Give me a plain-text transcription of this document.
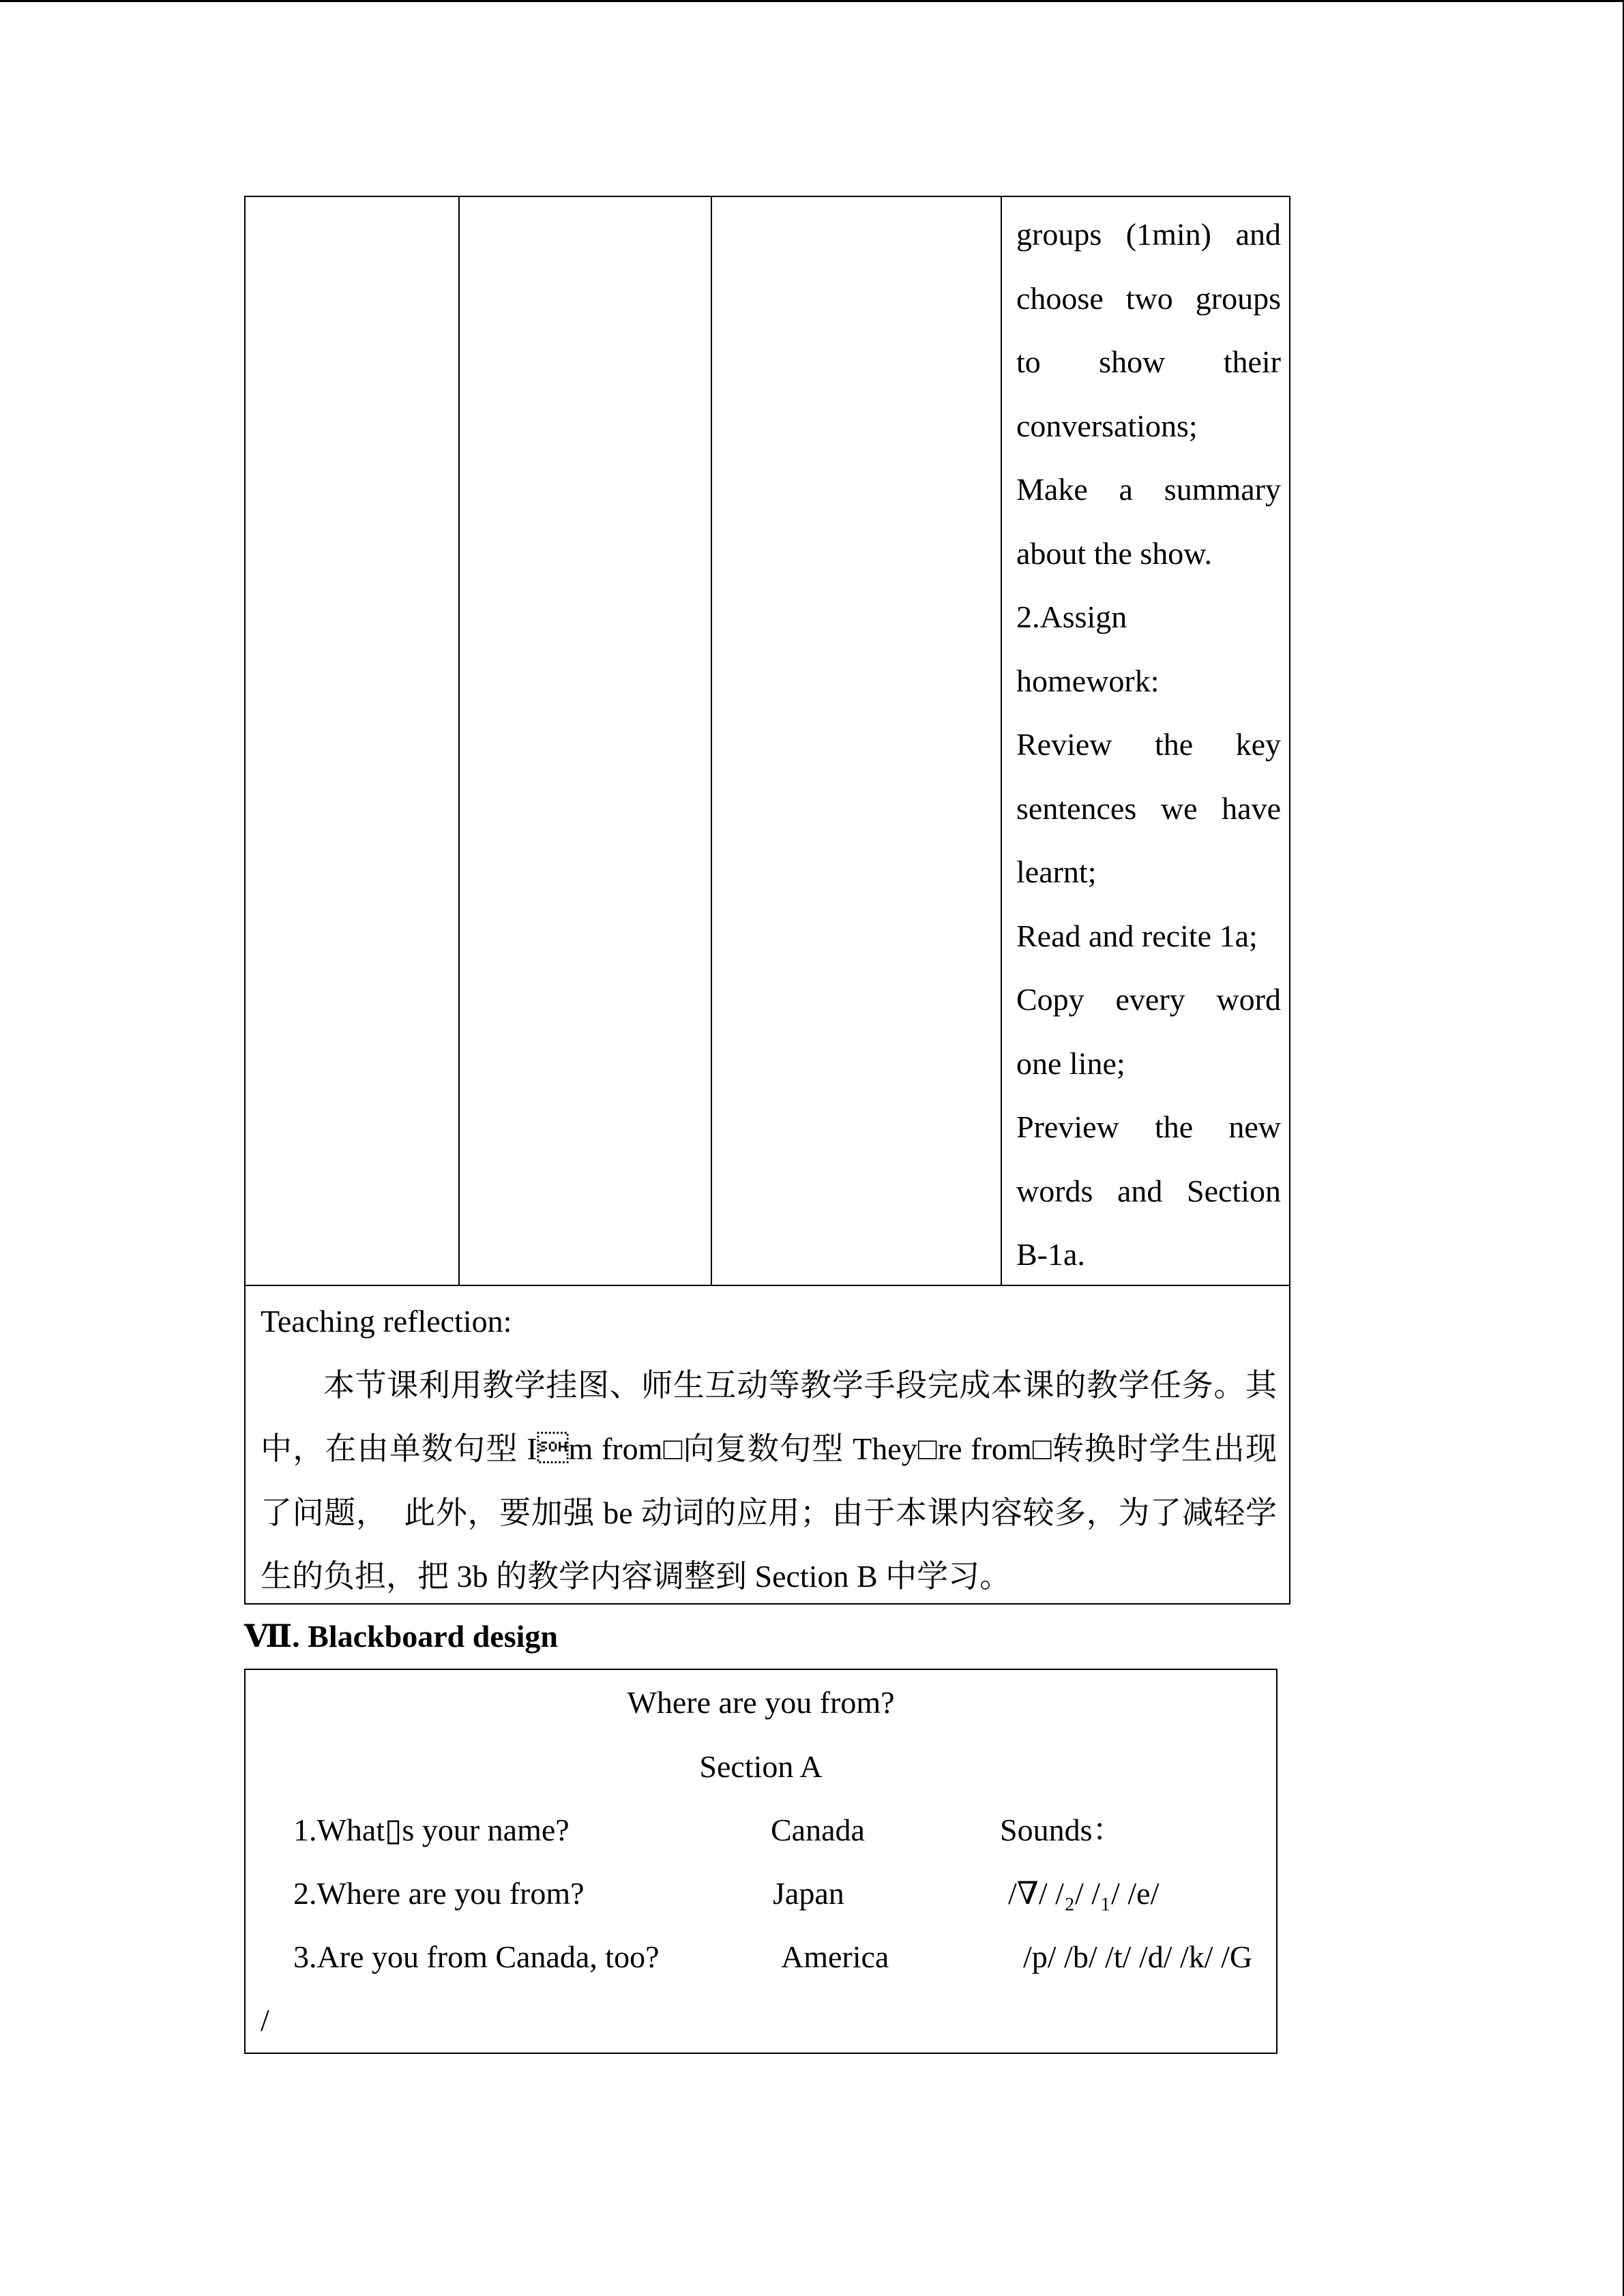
groups (1min) and
choose two groups
to show their
conversations;
Make a summary
about the show.
2.Assign
homework:
Review the key
sentences we have
learnt;
Read and recite 1a;
Copy every word
one line;
Preview the new
words and Section
B-1a.
Teaching reflection:
本节课利用教学挂图、师生互动等教学手段完成本课的教学任务。其中，在由单数句型 Im from□向复数句型 They□re from□转换时学生出现了问题，　此外，要加强 be 动词的应用；由于本课内容较多，为了减轻学生的负担，把 3b 的教学内容调整到 Section B 中学习。
Ⅶ. Blackboard design
Where are you from?
Section A
1.What▯s your name?	Canada	Sounds：
2.Where are you from?	Japan	/∇/ /₂/ /₁/ /e/
3.Are you from Canada, too?	America	/p/ /b/ /t/ /d/ /k/ /G
/
